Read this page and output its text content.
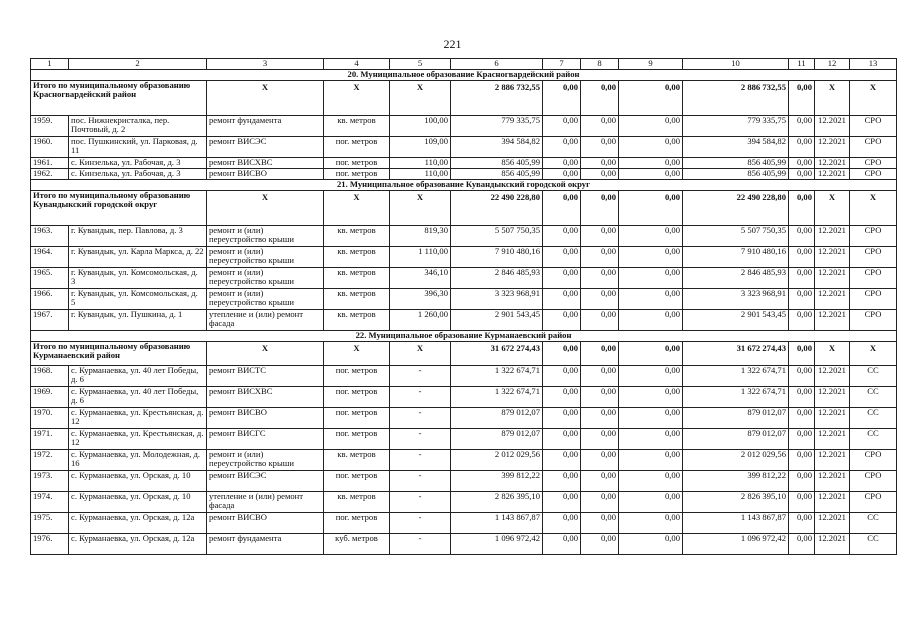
221
1	2	3	4	5	6	7	8	9	10	11	12	13
20. Муниципальное образование Красногвардейский район												
Итого по муниципальному образованию Красногвардейский район		Х	Х	Х	2 886 732,55	0,00	0,00	0,00	2 886 732,55	0,00	Х	Х
1959.	пос. Нижнекристалка, пер. Почтовый, д. 2	ремонт фундамента	кв. метров	100,00	779 335,75	0,00	0,00	0,00	779 335,75	0,00	12.2021	СРО
1960.	пос. Пушкинский, ул. Парковая, д. 11	ремонт ВИСЭС	пог. метров	109,00	394 584,82	0,00	0,00	0,00	394 584,82	0,00	12.2021	СРО
1961.	с. Кинзелька, ул. Рабочая, д. 3	ремонт ВИСХВС	пог. метров	110,00	856 405,99	0,00	0,00	0,00	856 405,99	0,00	12.2021	СРО
1962.	с. Кинзелька, ул. Рабочая, д. 3	ремонт ВИСВО	пог. метров	110,00	856 405,99	0,00	0,00	0,00	856 405,99	0,00	12.2021	СРО
21. Муниципальное образование Кувандыкский городской округ												
Итого по муниципальному образованию Кувандыкский городской округ		Х	Х	Х	22 490 228,80	0,00	0,00	0,00	22 490 228,80	0,00	Х	Х
1963.	г. Кувандык, пер. Павлова, д. 3	ремонт и (или) переустройство крыши	кв. метров	819,30	5 507 750,35	0,00	0,00	0,00	5 507 750,35	0,00	12.2021	СРО
1964.	г. Кувандык, ул. Карла Маркса, д. 22	ремонт и (или) переустройство крыши	кв. метров	1 110,00	7 910 480,16	0,00	0,00	0,00	7 910 480,16	0,00	12.2021	СРО
1965.	г. Кувандык, ул. Комсомольская, д. 3	ремонт и (или) переустройство крыши	кв. метров	346,10	2 846 485,93	0,00	0,00	0,00	2 846 485,93	0,00	12.2021	СРО
1966.	г. Кувандык, ул. Комсомольская, д. 5	ремонт и (или) переустройство крыши	кв. метров	396,30	3 323 968,91	0,00	0,00	0,00	3 323 968,91	0,00	12.2021	СРО
1967.	г. Кувандык, ул. Пушкина, д. 1	утепление и (или) ремонт фасада	кв. метров	1 260,00	2 901 543,45	0,00	0,00	0,00	2 901 543,45	0,00	12.2021	СРО
22. Муниципальное образование Курманаевский район												
Итого по муниципальному образованию Курманаевский район		Х	Х	Х	31 672 274,43	0,00	0,00	0,00	31 672 274,43	0,00	Х	Х
1968.	с. Курманаевка, ул. 40 лет Победы, д. 6	ремонт ВИСТС	пог. метров	-	1 322 674,71	0,00	0,00	0,00	1 322 674,71	0,00	12.2021	СС
1969.	с. Курманаевка, ул. 40 лет Победы, д. 6	ремонт ВИСХВС	пог. метров	-	1 322 674,71	0,00	0,00	0,00	1 322 674,71	0,00	12.2021	СС
1970.	с. Курманаевка, ул. Крестьянская, д. 12	ремонт ВИСВО	пог. метров	-	879 012,07	0,00	0,00	0,00	879 012,07	0,00	12.2021	СС
1971.	с. Курманаевка, ул. Крестьянская, д. 12	ремонт ВИСГС	пог. метров	-	879 012,07	0,00	0,00	0,00	879 012,07	0,00	12.2021	СС
1972.	с. Курманаевка, ул. Молодежная, д. 16	ремонт и (или) переустройство крыши	кв. метров	-	2 012 029,56	0,00	0,00	0,00	2 012 029,56	0,00	12.2021	СРО
1973.	с. Курманаевка, ул. Орская, д. 10	ремонт ВИСЭС	пог. метров	-	399 812,22	0,00	0,00	0,00	399 812,22	0,00	12.2021	СРО
1974.	с. Курманаевка, ул. Орская, д. 10	утепление и (или) ремонт фасада	кв. метров	-	2 826 395,10	0,00	0,00	0,00	2 826 395,10	0,00	12.2021	СРО
1975.	с. Курманаевка, ул. Орская, д. 12а	ремонт ВИСВО	пог. метров	-	1 143 867,87	0,00	0,00	0,00	1 143 867,87	0,00	12.2021	СС
1976.	с. Курманаевка, ул. Орская, д. 12а	ремонт фундамента	куб. метров	-	1 096 972,42	0,00	0,00	0,00	1 096 972,42	0,00	12.2021	СС
